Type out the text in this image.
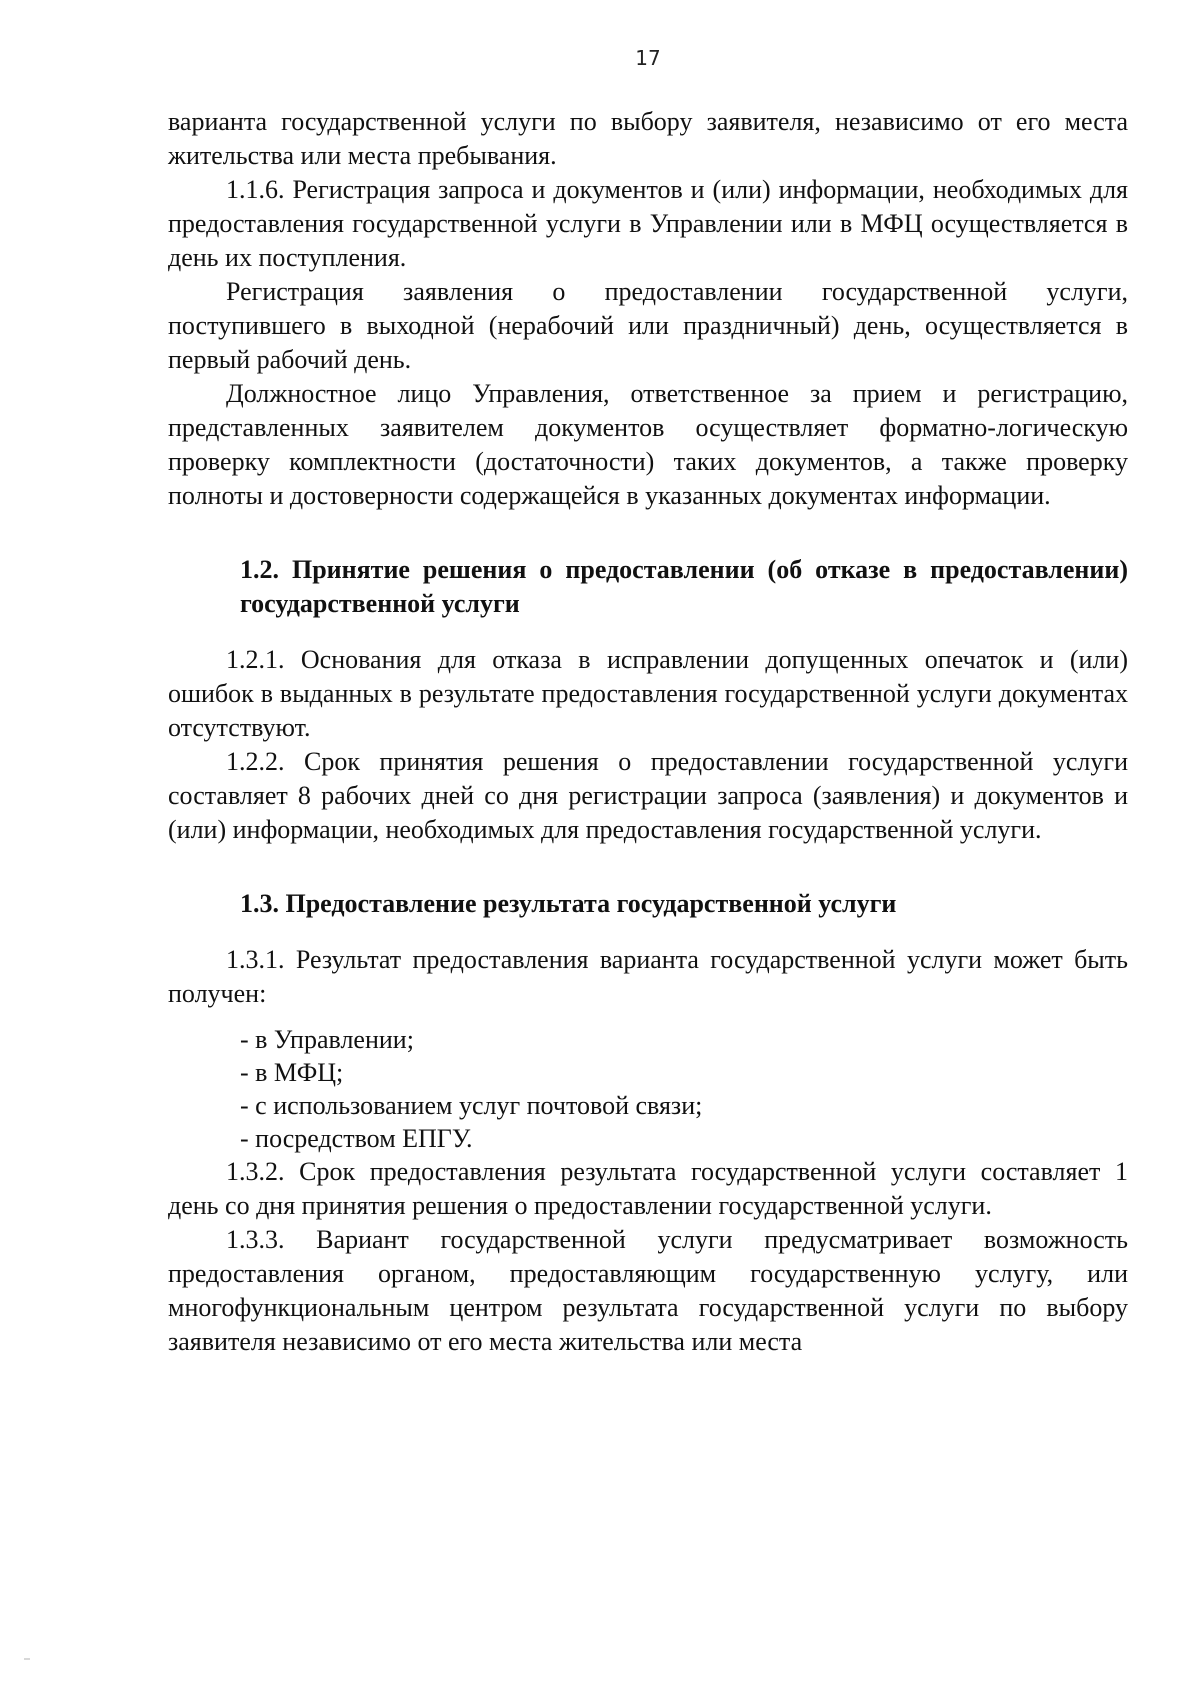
17

варианта государственной услуги по выбору заявителя, независимо от его места жительства или места пребывания.

1.1.6. Регистрация запроса и документов и (или) информации, необходимых для предоставления государственной услуги в Управлении или в МФЦ осуществляется в день их поступления.

Регистрация заявления о предоставлении государственной услуги, поступившего в выходной (нерабочий или праздничный) день, осуществляется в первый рабочий день.

Должностное лицо Управления, ответственное за прием и регистрацию, представленных заявителем документов осуществляет форматно-логическую проверку комплектности (достаточности) таких документов, а также проверку полноты и достоверности содержащейся в указанных документах информации.

1.2. Принятие решения о предоставлении (об отказе в предоставлении) государственной услуги

1.2.1. Основания для отказа в исправлении допущенных опечаток и (или) ошибок в выданных в результате предоставления государственной услуги документах отсутствуют.

1.2.2. Срок принятия решения о предоставлении государственной услуги составляет 8 рабочих дней со дня регистрации запроса (заявления) и документов и (или) информации, необходимых для предоставления государственной услуги.

1.3. Предоставление результата государственной услуги

1.3.1. Результат предоставления варианта государственной услуги может быть получен:

- в Управлении;
- в МФЦ;
- с использованием услуг почтовой связи;
- посредством ЕПГУ.

1.3.2. Срок предоставления результата государственной услуги составляет 1 день со дня принятия решения о предоставлении государственной услуги.

1.3.3. Вариант государственной услуги предусматривает возможность предоставления органом, предоставляющим государственную услугу, или многофункциональным центром результата государственной услуги по выбору заявителя независимо от его места жительства или места
